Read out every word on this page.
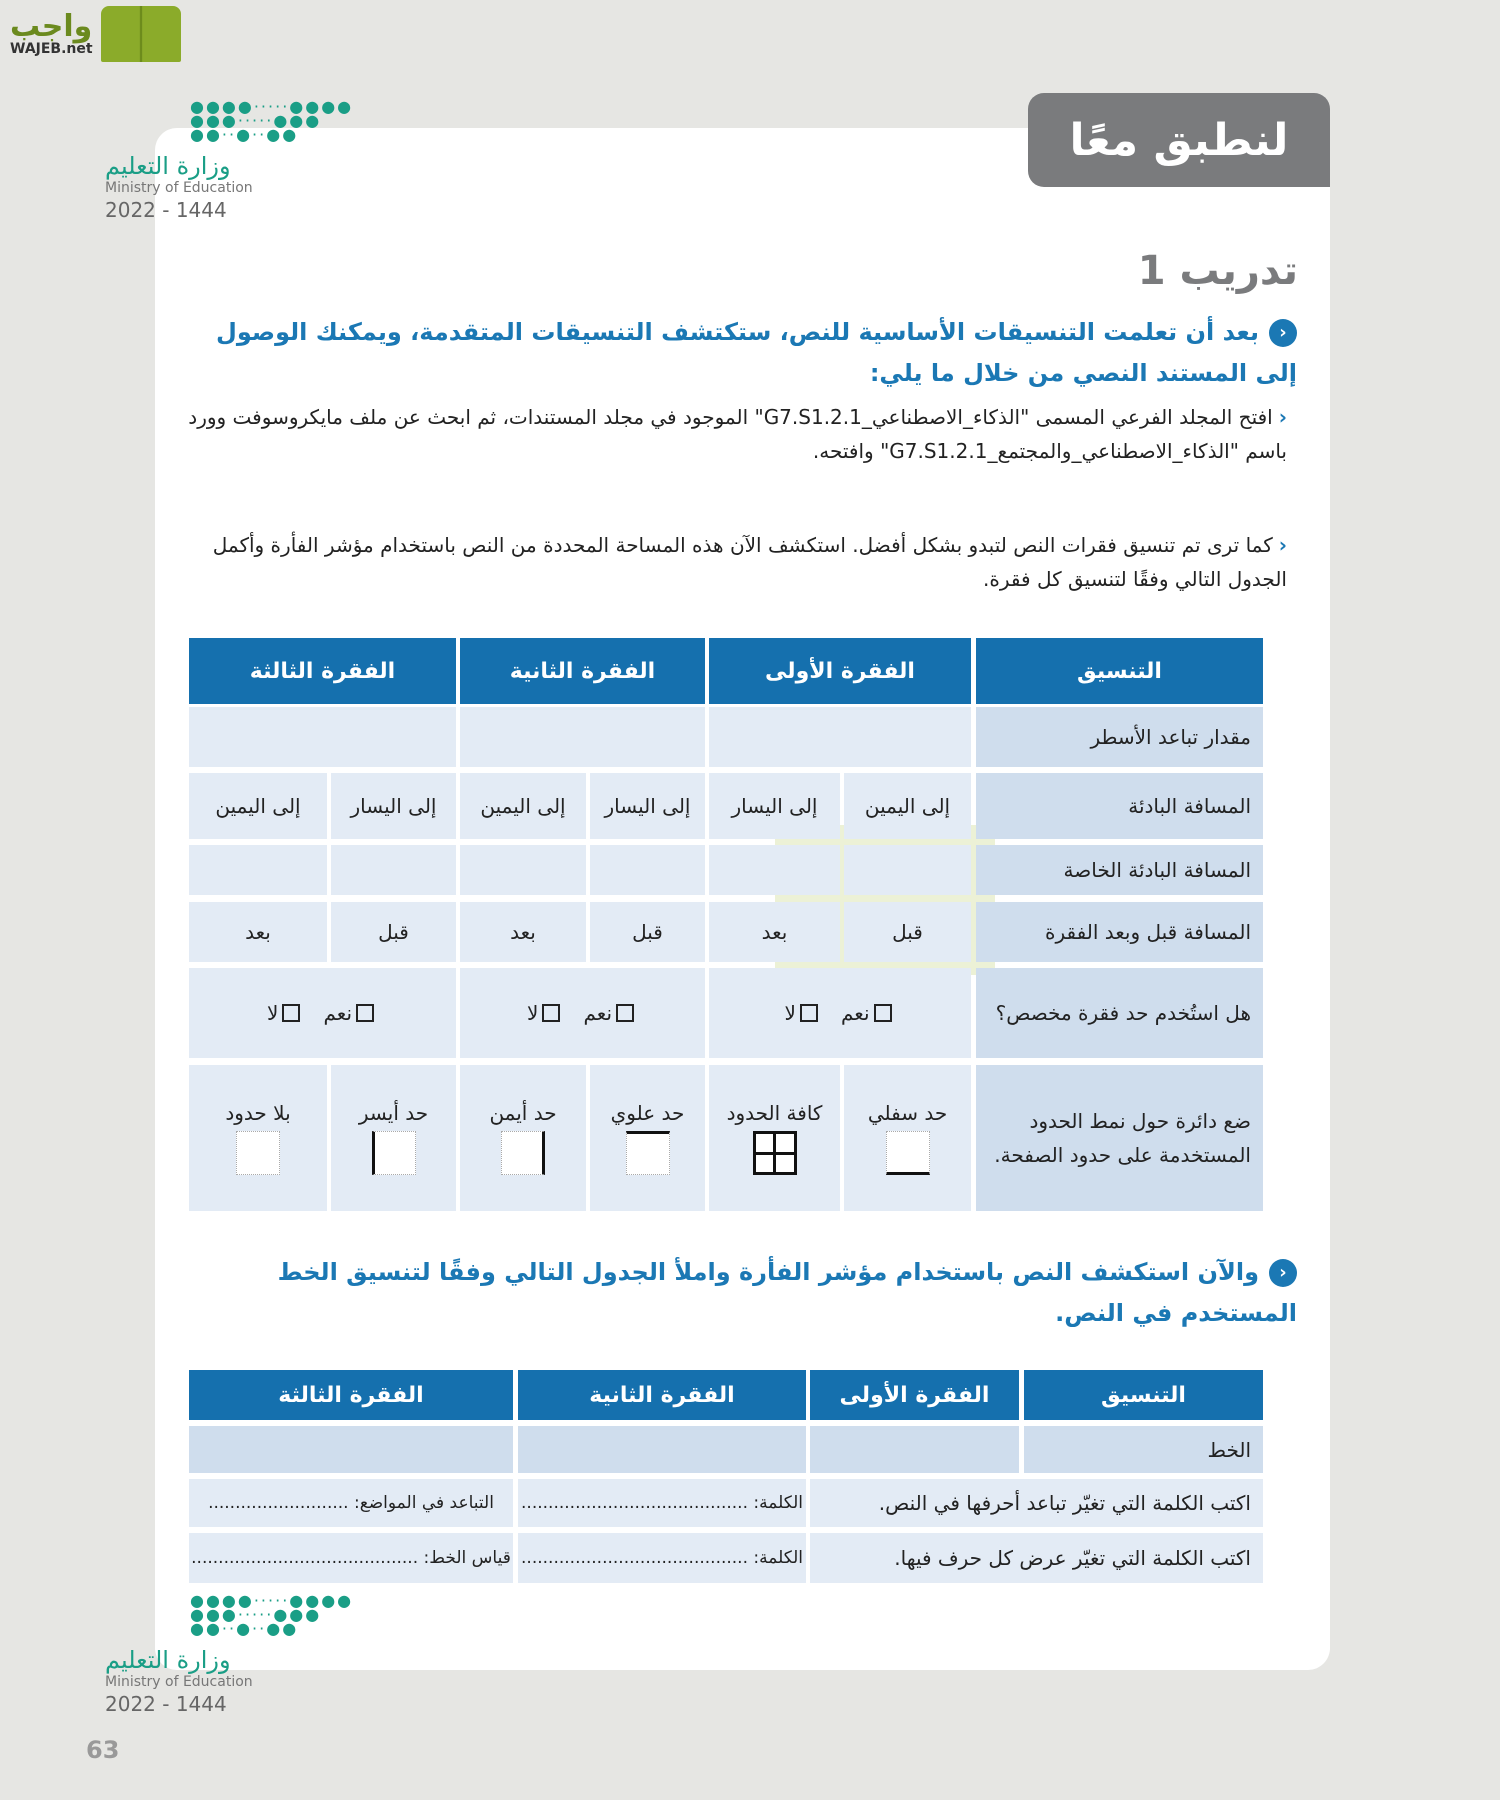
واجب
WAJEB.net
●●●●·····●●●●
●●●·····●●●
●●··●··●●
وزارة التعليم
Ministry of Education
2022 - 1444
لنطبق معًا
تدريب 1
‹بعد أن تعلمت التنسيقات الأساسية للنص، ستكتشف التنسيقات المتقدمة، ويمكنك الوصول إلى المستند النصي من خلال ما يلي:
‹افتح المجلد الفرعي المسمى "الذكاء_الاصطناعي_G7.S1.2.1" الموجود في مجلد المستندات، ثم ابحث عن ملف مايكروسوفت وورد باسم "الذكاء_الاصطناعي_والمجتمع_G7.S1.2.1" وافتحه.
‹كما ترى تم تنسيق فقرات النص لتبدو بشكل أفضل. استكشف الآن هذه المساحة المحددة من النص باستخدام مؤشر الفأرة وأكمل الجدول التالي وفقًا لتنسيق كل فقرة.
التنسيق
الفقرة الأولى
الفقرة الثانية
الفقرة الثالثة
مقدار تباعد الأسطر
المسافة البادئة
إلى اليمين
إلى اليسار
إلى اليسار
إلى اليمين
إلى اليسار
إلى اليمين
المسافة البادئة الخاصة
المسافة قبل وبعد الفقرة
قبل
بعد
قبل
بعد
قبل
بعد
هل استُخدم حد فقرة مخصص؟
نعم

لا
نعم

لا
نعم

لا
ضع دائرة حول نمط الحدود المستخدمة على حدود الصفحة.
حد سفلي
كافة الحدود
حد علوي
حد أيمن
حد أيسر
بلا حدود
‹والآن استكشف النص باستخدام مؤشر الفأرة واملأ الجدول التالي وفقًا لتنسيق الخط المستخدم في النص.
التنسيق
الفقرة الأولى
الفقرة الثانية
الفقرة الثالثة
الخط
اكتب الكلمة التي تغيّر تباعد أحرفها في النص.
الكلمة: ..........................................
التباعد في المواضع: ..........................
اكتب الكلمة التي تغيّر عرض كل حرف فيها.
الكلمة: ..........................................
قياس الخط: ..........................................
●●●●·····●●●●
●●●·····●●●
●●··●··●●
وزارة التعليم
Ministry of Education
2022 - 1444
63
